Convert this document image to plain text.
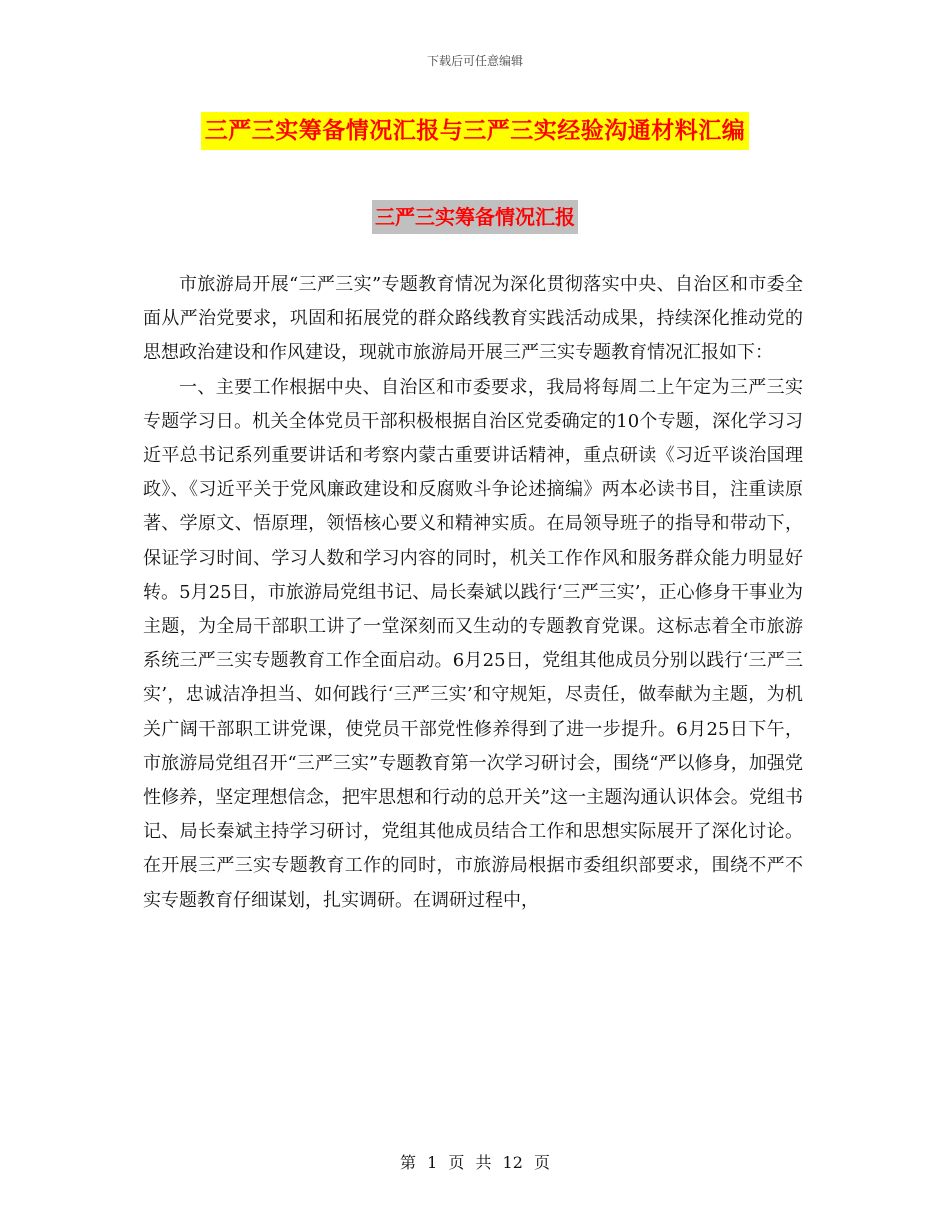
下载后可任意编辑
三严三实筹备情况汇报与三严三实经验沟通材料汇编
三严三实筹备情况汇报

市旅游局开展“三严三实”专题教育情况为深化贯彻落实中央、自治区和市委全面从严治党要求，巩固和拓展党的群众路线教育实践活动成果，持续深化推动党的思想政治建设和作风建设，现就市旅游局开展三严三实专题教育情况汇报如下：

一、主要工作根据中央、自治区和市委要求，我局将每周二上午定为三严三实专题学习日。机关全体党员干部积极根据自治区党委确定的10个专题，深化学习习近平总书记系列重要讲话和考察内蒙古重要讲话精神，重点研读《习近平谈治国理政》、《习近平关于党风廉政建设和反腐败斗争论述摘编》两本必读书目，注重读原著、学原文、悟原理，领悟核心要义和精神实质。在局领导班子的指导和带动下，保证学习时间、学习人数和学习内容的同时，机关工作作风和服务群众能力明显好转。5月25日，市旅游局党组书记、局长秦斌以践行‘三严三实’，正心修身干事业为主题，为全局干部职工讲了一堂深刻而又生动的专题教育党课。这标志着全市旅游系统三严三实专题教育工作全面启动。6月25日，党组其他成员分别以践行‘三严三实’，忠诚洁净担当、如何践行‘三严三实’和守规矩，尽责任，做奉献为主题，为机关广阔干部职工讲党课，使党员干部党性修养得到了进一步提升。6月25日下午，市旅游局党组召开“三严三实”专题教育第一次学习研讨会，围绕“严以修身，加强党性修养，坚定理想信念，把牢思想和行动的总开关”这一主题沟通认识体会。党组书记、局长秦斌主持学习研讨，党组其他成员结合工作和思想实际展开了深化讨论。在开展三严三实专题教育工作的同时，市旅游局根据市委组织部要求，围绕不严不实专题教育仔细谋划，扎实调研。在调研过程中，

第 1 页 共 12 页
